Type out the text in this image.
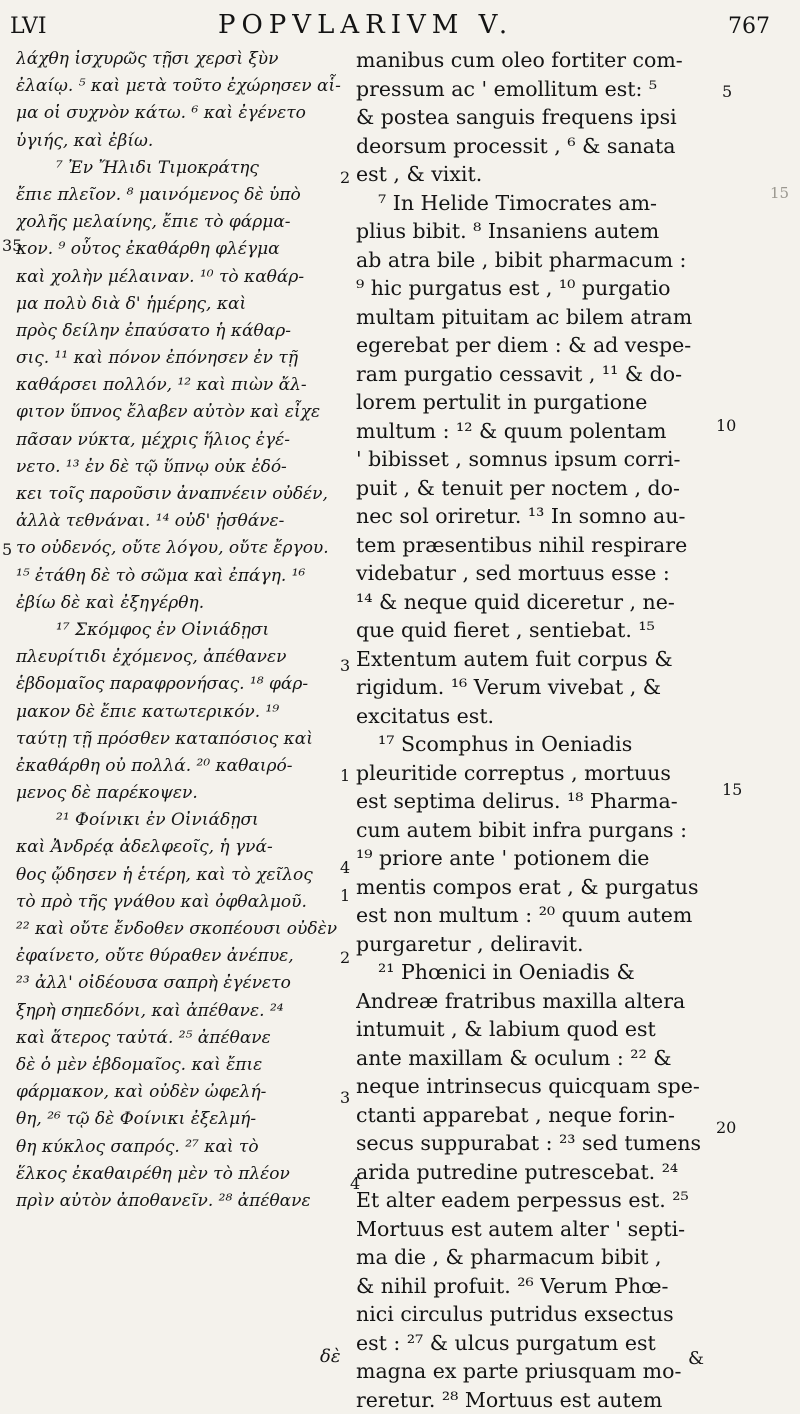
LVI	POPVLARIVM V.	767
λάχθη ἰσχυρῶς τῇσι χερσὶ ξὺν
ἐλαίῳ. ⁵ καὶ μετὰ τοῦτο ἐχώρησεν αἷ-
μα οἱ συχνὸν κάτω. ⁶ καὶ ἐγένετο
ὑγιής, καὶ ἐβίω.
⁷ Ἐν Ἤλιδι Τιμοκράτης
ἔπιε πλεῖον. ⁸ μαινόμενος δὲ ὑπὸ
χολῆς μελαίνης, ἔπιε τὸ φάρμα-
κον. ⁹ οὗτος ἐκαθάρθη φλέγμα
καὶ χολὴν μέλαιναν. ¹⁰ τὸ καθάρ-
μα πολὺ διὰ δ' ἡμέρης, καὶ
πρὸς δείλην ἐπαύσατο ἡ κάθαρ-
σις. ¹¹ καὶ πόνον ἐπόνησεν ἐν τῇ
καθάρσει πολλόν, ¹² καὶ πιὼν ἄλ-
φιτον ὕπνος ἔλαβεν αὐτὸν καὶ εἶχε
πᾶσαν νύκτα, μέχρις ἥλιος ἐγέ-
νετο. ¹³ ἐν δὲ τῷ ὕπνῳ οὐκ ἐδό-
κει τοῖς παροῦσιν ἀναπνέειν οὐδέν,
ἀλλὰ τεθνάναι. ¹⁴ οὐδ' ᾐσθάνε-
το οὐδενός, οὔτε λόγου, οὔτε ἔργου.
¹⁵ ἐτάθη δὲ τὸ σῶμα καὶ ἐπάγη. ¹⁶
ἐβίω δὲ καὶ ἐξηγέρθη.
¹⁷ Σκόμφος ἐν Οἰνιάδῃσι
πλευρίτιδι ἐχόμενος, ἀπέθανεν
ἑβδομαῖος παραφρονήσας. ¹⁸ φάρ-
μακον δὲ ἔπιε κατωτερικόν. ¹⁹
ταύτῃ τῇ πρόσθεν καταπόσιος καὶ
ἐκαθάρθη οὐ πολλά. ²⁰ καθαιρό-
μενος δὲ παρέκοψεν.
²¹ Φοίνικι ἐν Οἰνιάδῃσι
καὶ Ἀνδρέᾳ ἀδελφεοῖς, ἡ γνά-
θος ᾤδησεν ἡ ἑτέρη, καὶ τὸ χεῖλος
τὸ πρὸ τῆς γνάθου καὶ ὀφθαλμοῦ.
²² καὶ οὔτε ἔνδοθεν σκοπέουσι οὐδὲν
ἐφαίνετο, οὔτε θύραθεν ἀνέπυε,
²³ ἀλλ' οἰδέουσα σαπρὴ ἐγένετο
ξηρὴ σηπεδόνι, καὶ ἀπέθανε. ²⁴
καὶ ἅτερος ταὐτά. ²⁵ ἀπέθανε
δὲ ὁ μὲν ἑβδομαῖος. καὶ ἔπιε
φάρμακον, καὶ οὐδὲν ὠφελή-
θη, ²⁶ τῷ δὲ Φοίνικι ἐξελμή-
θη κύκλος σαπρός. ²⁷ καὶ τὸ
ἕλκος ἐκαθαιρέθη μὲν τὸ πλέον
πρὶν αὐτὸν ἀποθανεῖν. ²⁸ ἀπέθανε
manibus cum oleo fortiter com-
pressum ac ' emollitum est: ⁵
& postea sanguis frequens ipsi
deorsum processit , ⁶ & sanata
est , & vixit.
⁷ In Helide Timocrates am-
plius bibit. ⁸ Insaniens autem
ab atra bile , bibit pharmacum :
⁹ hic purgatus est , ¹⁰ purgatio
multam pituitam ac bilem atram
egerebat per diem : & ad vespe-
ram purgatio cessavit , ¹¹ & do-
lorem pertulit in purgatione
multum : ¹² & quum polentam
' bibisset , somnus ipsum corri-
puit , & tenuit per noctem , do-
nec sol oriretur. ¹³ In somno au-
tem præsentibus nihil respirare
videbatur , sed mortuus esse :
¹⁴ & neque quid diceretur , ne-
que quid fieret , sentiebat. ¹⁵
Extentum autem fuit corpus &
rigidum. ¹⁶ Verum vivebat , &
excitatus est.
¹⁷ Scomphus in Oeniadis
pleuritide correptus , mortuus
est septima delirus. ¹⁸ Pharma-
cum autem bibit infra purgans :
¹⁹ priore ante ' potionem die
mentis compos erat , & purgatus
est non multum : ²⁰ quum autem
purgaretur , deliravit.
²¹ Phœnici in Oeniadis &
Andreæ fratribus maxilla altera
intumuit , & labium quod est
ante maxillam & oculum : ²² &
neque intrinsecus quicquam spe-
ctanti apparebat , neque forin-
secus suppurabat : ²³ sed tumens
arida putredine putrescebat. ²⁴
Et alter eadem perpessus est. ²⁵
Mortuus est autem alter ' septi-
ma die , & pharmacum bibit ,
& nihil profuit. ²⁶ Verum Phœ-
nici circulus putridus exsectus
est : ²⁷ & ulcus purgatum est
magna ex parte priusquam mo-
reretur. ²⁸ Mortuus est autem
35
2
3
1
4
1
2
3
4
5
5
10
15
20
15
δὲ	&
